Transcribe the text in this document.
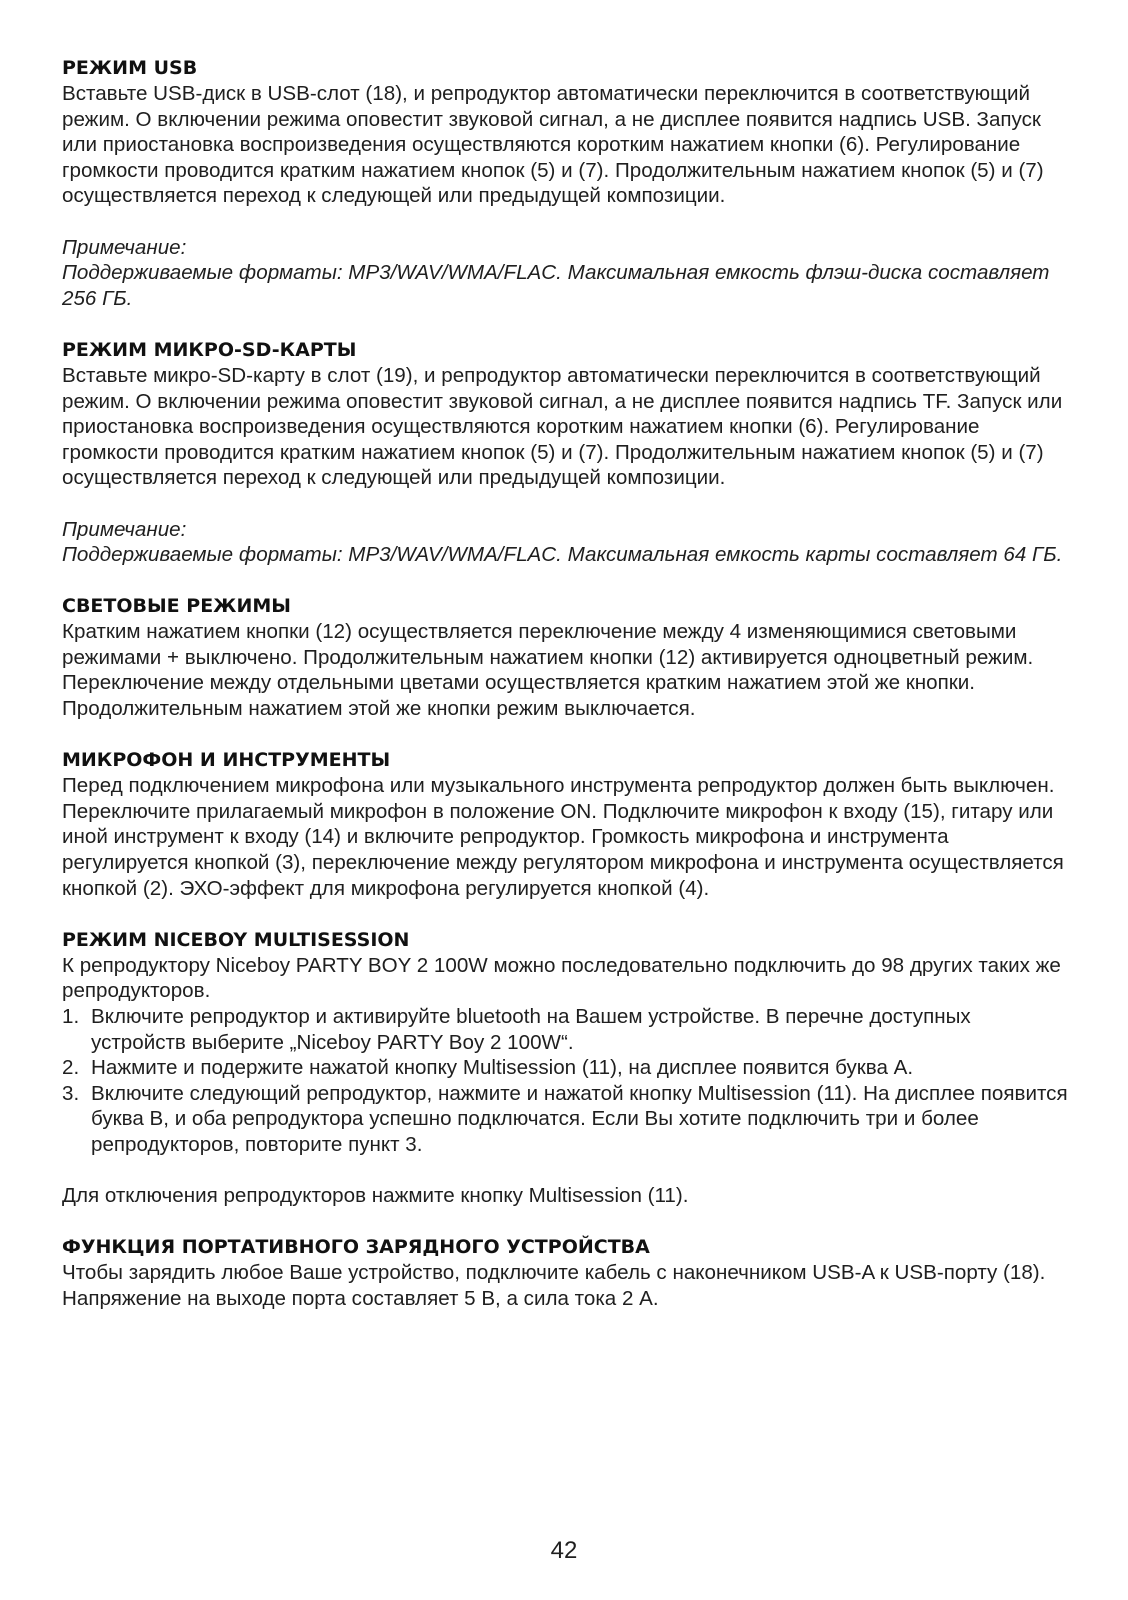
РЕЖИМ USB

Вставьте USB-диск в USB-слот (18), и репродуктор автоматически переключится в соответствующий режим. О включении режима оповестит звуковой сигнал, а не дисплее появится надпись USB. Запуск или приостановка воспроизведения осуществляются коротким нажатием кнопки (6). Регулирование громкости проводится кратким нажатием кнопок (5) и (7). Продолжительным нажатием кнопок (5) и (7) осуществляется переход к следующей или предыдущей композиции.

Примечание:

Поддерживаемые форматы: MP3/WAV/WMA/FLAC. Максимальная емкость флэш-диска составляет 256 ГБ.

РЕЖИМ МИКРО-SD-КАРТЫ

Вставьте микро-SD-карту в слот (19), и репродуктор автоматически переключится в соответствующий режим. О включении режима оповестит звуковой сигнал, а не дисплее появится надпись TF. Запуск или приостановка воспроизведения осуществляются коротким нажатием кнопки (6). Регулирование громкости проводится кратким нажатием кнопок (5) и (7). Продолжительным нажатием кнопок (5) и (7) осуществляется переход к следующей или предыдущей композиции.

Примечание:

Поддерживаемые форматы: MP3/WAV/WMA/FLAC. Максимальная емкость карты составляет 64 ГБ.

СВЕТОВЫЕ РЕЖИМЫ

Кратким нажатием кнопки (12) осуществляется переключение между 4 изменяющимися световыми режимами + выключено. Продолжительным нажатием кнопки (12) активируется одноцветный режим. Переключение между отдельными цветами осуществляется кратким нажатием этой же кнопки. Продолжительным нажатием этой же кнопки режим выключается.

МИКРОФОН И ИНСТРУМЕНТЫ

Перед подключением микрофона или музыкального инструмента репродуктор должен быть выключен. Переключите прилагаемый микрофон в положение ON. Подключите микрофон к входу (15), гитару или иной инструмент к входу (14) и включите репродуктор. Громкость микрофона и инструмента регулируется кнопкой (3), переключение между регулятором микрофона и инструмента осуществляется кнопкой (2). ЭХО-эффект для микрофона регулируется кнопкой (4).

РЕЖИМ NICEBOY MULTISESSION

К репродуктору Niceboy PARTY BOY 2 100W можно последовательно подключить до 98 других таких же репродукторов.

1. Включите репродуктор и активируйте bluetooth на Вашем устройстве. В перечне доступных устройств выберите „Niceboy PARTY Boy 2 100W“.
2. Нажмите и подержите нажатой кнопку Multisession (11), на дисплее появится буква A.
3. Включите следующий репродуктор, нажмите и нажатой кнопку Multisession (11). На дисплее появится буква B, и оба репродуктора успешно подключатся. Если Вы хотите подключить три и более репродукторов, повторите пункт 3.

Для отключения репродукторов нажмите кнопку Multisession (11).

ФУНКЦИЯ ПОРТАТИВНОГО ЗАРЯДНОГО УСТРОЙСТВА

Чтобы зарядить любое Ваше устройство, подключите кабель с наконечником USB-A к USB-порту (18). Напряжение на выходе порта составляет 5 В, а сила тока 2 А.

42
